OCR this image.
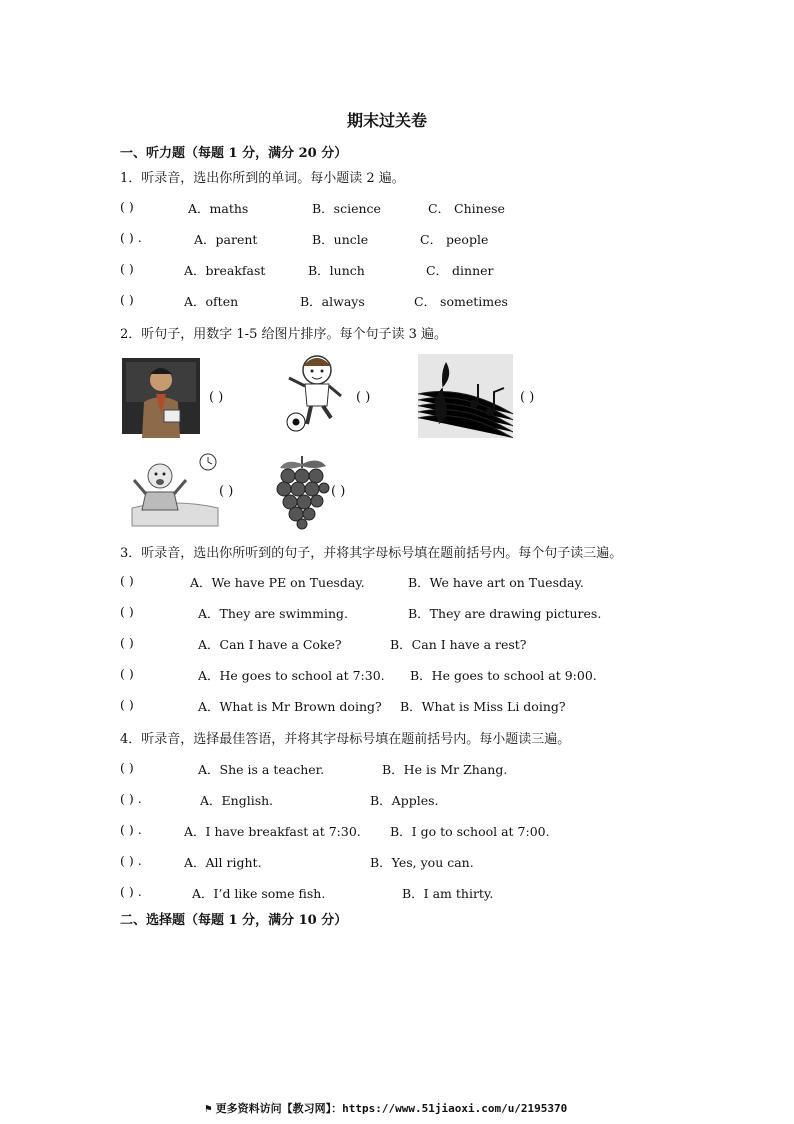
期末过关卷
一、听力题（每题 1 分，满分 20 分）
1．听录音，选出你所到的单词。每小题读 2 遍。
( )	A．maths	B．science	C． Chinese
( ) .	A．parent	B．uncle	C． people
( )	A．breakfast	B．lunch	C． dinner
( )	A．often	B．always	C． sometimes
2．听句子，用数字 1-5 给图片排序。每个句子读 3 遍。
( )	( )	( )
( )	( )
3．听录音，选出你所听到的句子，并将其字母标号填在题前括号内。每个句子读三遍。
( )	A．We have PE on Tuesday.	B．We have art on Tuesday.
( )	A．They are swimming.	B．They are drawing pictures.
( )	A．Can I have a Coke?	B．Can I have a rest?
( )	A．He goes to school at 7:30. B．He goes to school at 9:00.
( )	A．What is Mr Brown doing? B．What is Miss Li doing?
4．听录音，选择最佳答语，并将其字母标号填在题前括号内。每小题读三遍。
( )	A．She is a teacher.	B．He is Mr Zhang.
( ) .	A．English.	B．Apples.
( ) .	A．I have breakfast at 7:30. B．I go to school at 7:00.
( ) .	A．All right.	B．Yes, you can.
( ) .	A．I’d like some fish.	B．I am thirty.
二、选择题（每题 1 分，满分 10 分）
⚑ 更多资料访问【教习网】：https://www.51jiaoxi.com/u/2195370
